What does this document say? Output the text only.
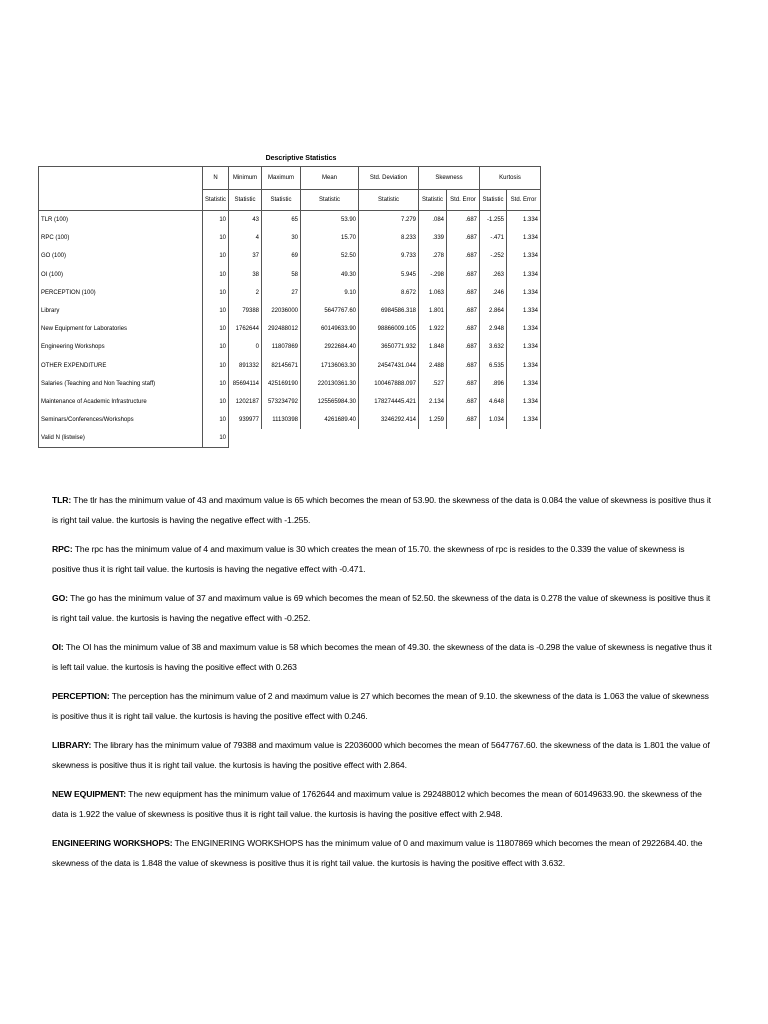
Descriptive Statistics
	N	Minimum	Maximum	Mean	Std. Deviation	Skewness		Kurtosis	
	Statistic	Statistic	Statistic	Statistic	Statistic	Statistic	Std. Error	Statistic	Std. Error
TLR (100)	10	43	65	53.90	7.279	.084	.687	-1.255	1.334
RPC (100)	10	4	30	15.70	8.233	.339	.687	-.471	1.334
GO (100)	10	37	69	52.50	9.733	.278	.687	-.252	1.334
OI (100)	10	38	58	49.30	5.945	-.298	.687	.263	1.334
PERCEPTION (100)	10	2	27	9.10	8.672	1.063	.687	.246	1.334
Library	10	79388	22036000	5647767.60	6984586.318	1.801	.687	2.864	1.334
New Equipment for Laboratories	10	1762644	292488012	60149633.90	98866009.105	1.922	.687	2.948	1.334
Engineering Workshops	10	0	11807869	2922684.40	3650771.932	1.848	.687	3.632	1.334
OTHER EXPENDITURE	10	891332	82145671	17136063.30	24547431.044	2.488	.687	6.535	1.334
Salaries (Teaching and Non Teaching staff)	10	85694114	425169190	220130361.30	100467888.097	.527	.687	.896	1.334
Maintenance of Academic Infrastructure	10	1202187	573234792	125565984.30	178274445.421	2.134	.687	4.648	1.334
Seminars/Conferences/Workshops	10	939977	11130398	4261689.40	3246292.414	1.259	.687	1.034	1.334
Valid N (listwise)	10								
TLR: The tlr has the minimum value of 43 and maximum value is 65 which becomes the mean of 53.90. the skewness of the data is 0.084 the value of skewness is positive thus it is right tail value. the kurtosis is having the negative effect with -1.255.
RPC: The rpc has the minimum value of 4 and maximum value is 30 which creates the mean of 15.70. the skewness of rpc is resides to the 0.339 the value of skewness is positive thus it is right tail value. the kurtosis is having the negative effect with -0.471.
GO: The go has the minimum value of 37 and maximum value is 69 which becomes the mean of 52.50. the skewness of the data is 0.278 the value of skewness is positive thus it is right tail value. the kurtosis is having the negative effect with -0.252.
OI: The OI has the minimum value of 38 and maximum value is 58 which becomes the mean of 49.30. the skewness of the data is -0.298 the value of skewness is negative thus it is left tail value. the kurtosis is having the positive effect with 0.263
PERCEPTION: The perception has the minimum value of 2 and maximum value is 27 which becomes the mean of 9.10. the skewness of the data is 1.063 the value of skewness is positive thus it is right tail value. the kurtosis is having the positive effect with 0.246.
LIBRARY: The library has the minimum value of 79388 and maximum value is 22036000 which becomes the mean of 5647767.60. the skewness of the data is 1.801 the value of skewness is positive thus it is right tail value. the kurtosis is having the positive effect with 2.864.
NEW EQUIPMENT: The new equipment has the minimum value of 1762644 and maximum value is 292488012 which becomes the mean of 60149633.90. the skewness of the data is 1.922 the value of skewness is positive thus it is right tail value. the kurtosis is having the positive effect with 2.948.
ENGINEERING WORKSHOPS: The ENGINERING WORKSHOPS has the minimum value of 0 and maximum value is 11807869 which becomes the mean of 2922684.40. the skewness of the data is 1.848 the value of skewness is positive thus it is right tail value. the kurtosis is having the positive effect with 3.632.
